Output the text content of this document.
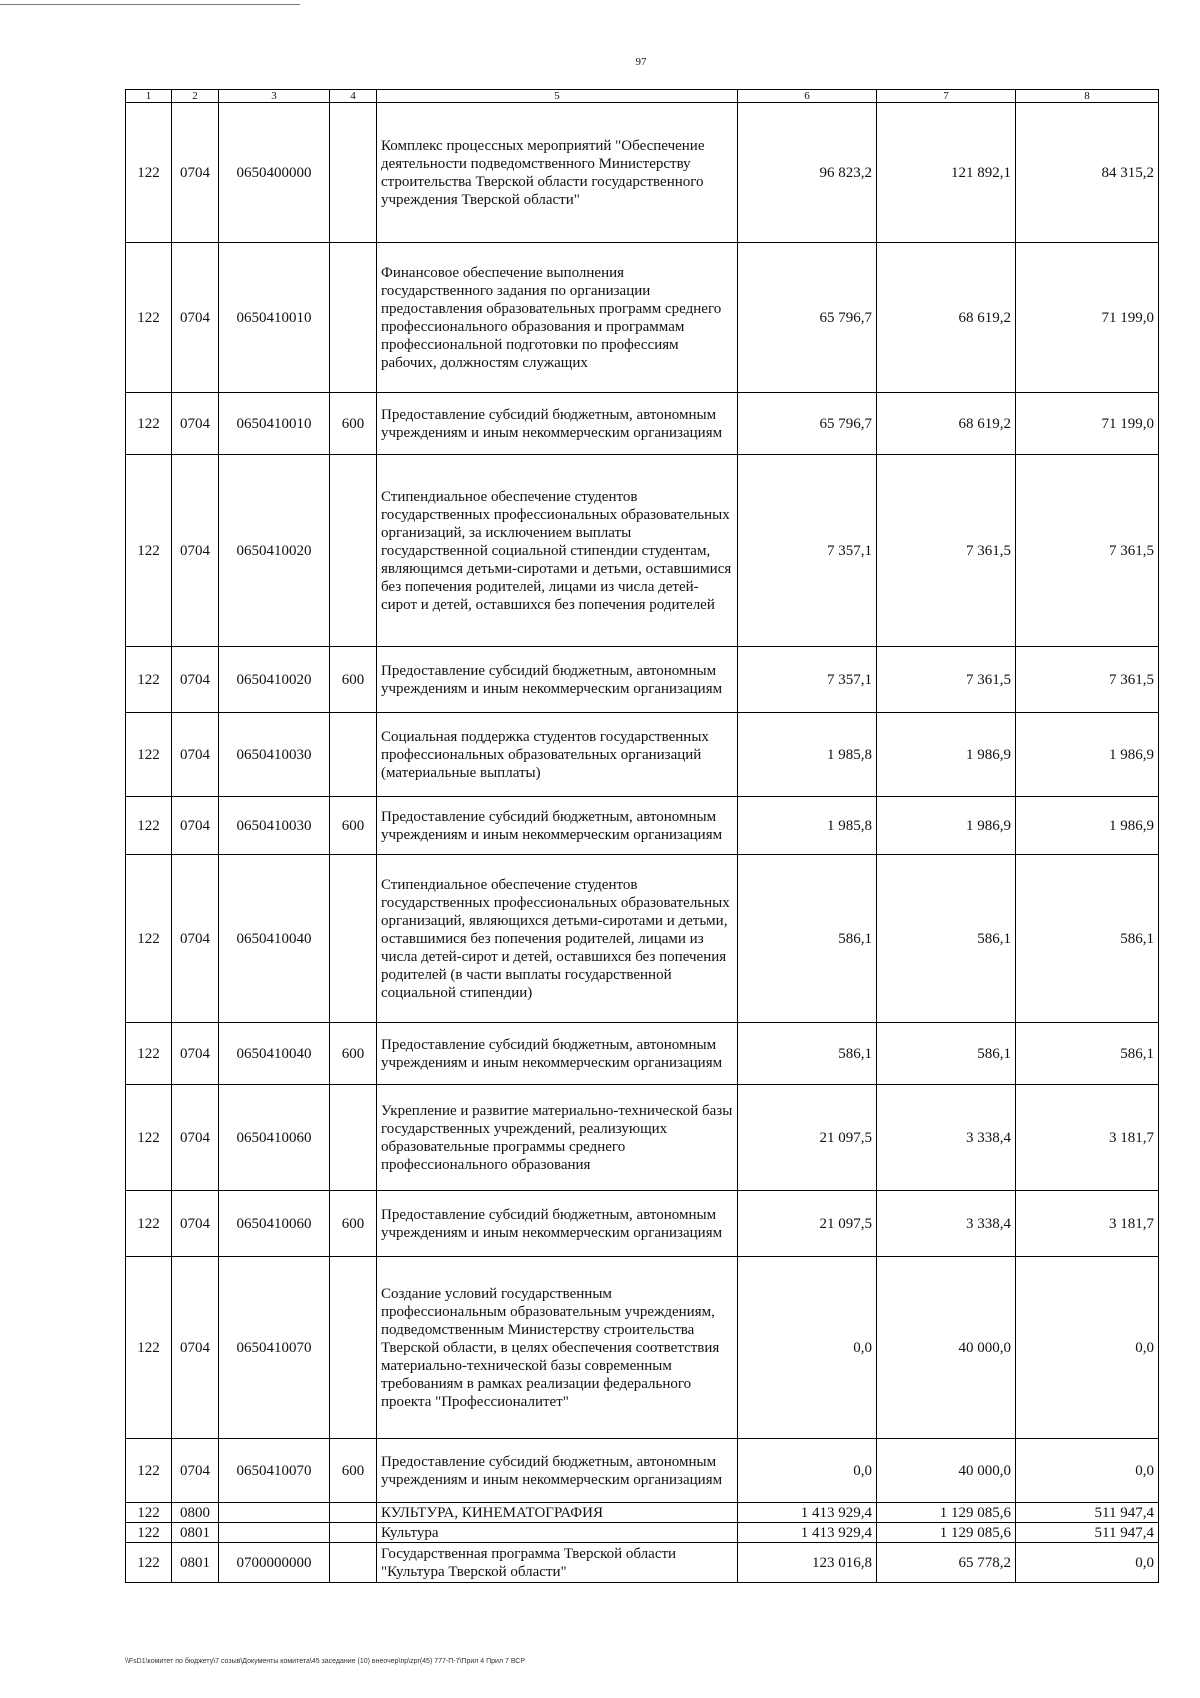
97
1	2	3	4	5	6	7	8
122	0704	0650400000		Комплекс процессных мероприятий "Обеспечение деятельности подведомственного Министерству строительства Тверской области государственного учреждения Тверской области"	96 823,2	121 892,1	84 315,2
122	0704	0650410010		Финансовое обеспечение выполнения государственного задания по организации предоставления образовательных программ среднего профессионального образования и программам профессиональной подготовки по профессиям рабочих, должностям служащих	65 796,7	68 619,2	71 199,0
122	0704	0650410010	600	Предоставление субсидий бюджетным, автономным учреждениям и иным некоммерческим организациям	65 796,7	68 619,2	71 199,0
122	0704	0650410020		Стипендиальное обеспечение студентов государственных профессиональных образовательных организаций, за исключением выплаты государственной социальной стипендии студентам, являющимся детьми-сиротами и детьми, оставшимися без попечения родителей, лицами из числа детей-сирот и детей, оставшихся без попечения родителей	7 357,1	7 361,5	7 361,5
122	0704	0650410020	600	Предоставление субсидий бюджетным, автономным учреждениям и иным некоммерческим организациям	7 357,1	7 361,5	7 361,5
122	0704	0650410030		Социальная поддержка студентов государственных профессиональных образовательных организаций (материальные выплаты)	1 985,8	1 986,9	1 986,9
122	0704	0650410030	600	Предоставление субсидий бюджетным, автономным учреждениям и иным некоммерческим организациям	1 985,8	1 986,9	1 986,9
122	0704	0650410040		Стипендиальное обеспечение студентов государственных профессиональных образовательных организаций, являющихся детьми-сиротами и детьми, оставшимися без попечения родителей, лицами из числа детей-сирот и детей, оставшихся без попечения родителей (в части выплаты государственной социальной стипендии)	586,1	586,1	586,1
122	0704	0650410040	600	Предоставление субсидий бюджетным, автономным учреждениям и иным некоммерческим организациям	586,1	586,1	586,1
122	0704	0650410060		Укрепление и развитие материально-технической базы государственных учреждений, реализующих образовательные программы среднего профессионального образования	21 097,5	3 338,4	3 181,7
122	0704	0650410060	600	Предоставление субсидий бюджетным, автономным учреждениям и иным некоммерческим организациям	21 097,5	3 338,4	3 181,7
122	0704	0650410070		Создание условий государственным профессиональным образовательным учреждениям, подведомственным Министерству строительства Тверской области, в целях обеспечения соответствия материально-технической базы современным требованиям в рамках реализации федерального проекта "Профессионалитет"	0,0	40 000,0	0,0
122	0704	0650410070	600	Предоставление субсидий бюджетным, автономным учреждениям и иным некоммерческим организациям	0,0	40 000,0	0,0
122	0800			КУЛЬТУРА, КИНЕМАТОГРАФИЯ	1 413 929,4	1 129 085,6	511 947,4
122	0801			Культура	1 413 929,4	1 129 085,6	511 947,4
122	0801	0700000000		Государственная программа Тверской области "Культура Тверской области"	123 016,8	65 778,2	0,0
\\FsD1\комитет по бюджету\7 созыв\Документы комитета\45 заседание (10) внеочер\пр\zpr(45) 777-П-7\Прил 4 Прил 7 ВСР
